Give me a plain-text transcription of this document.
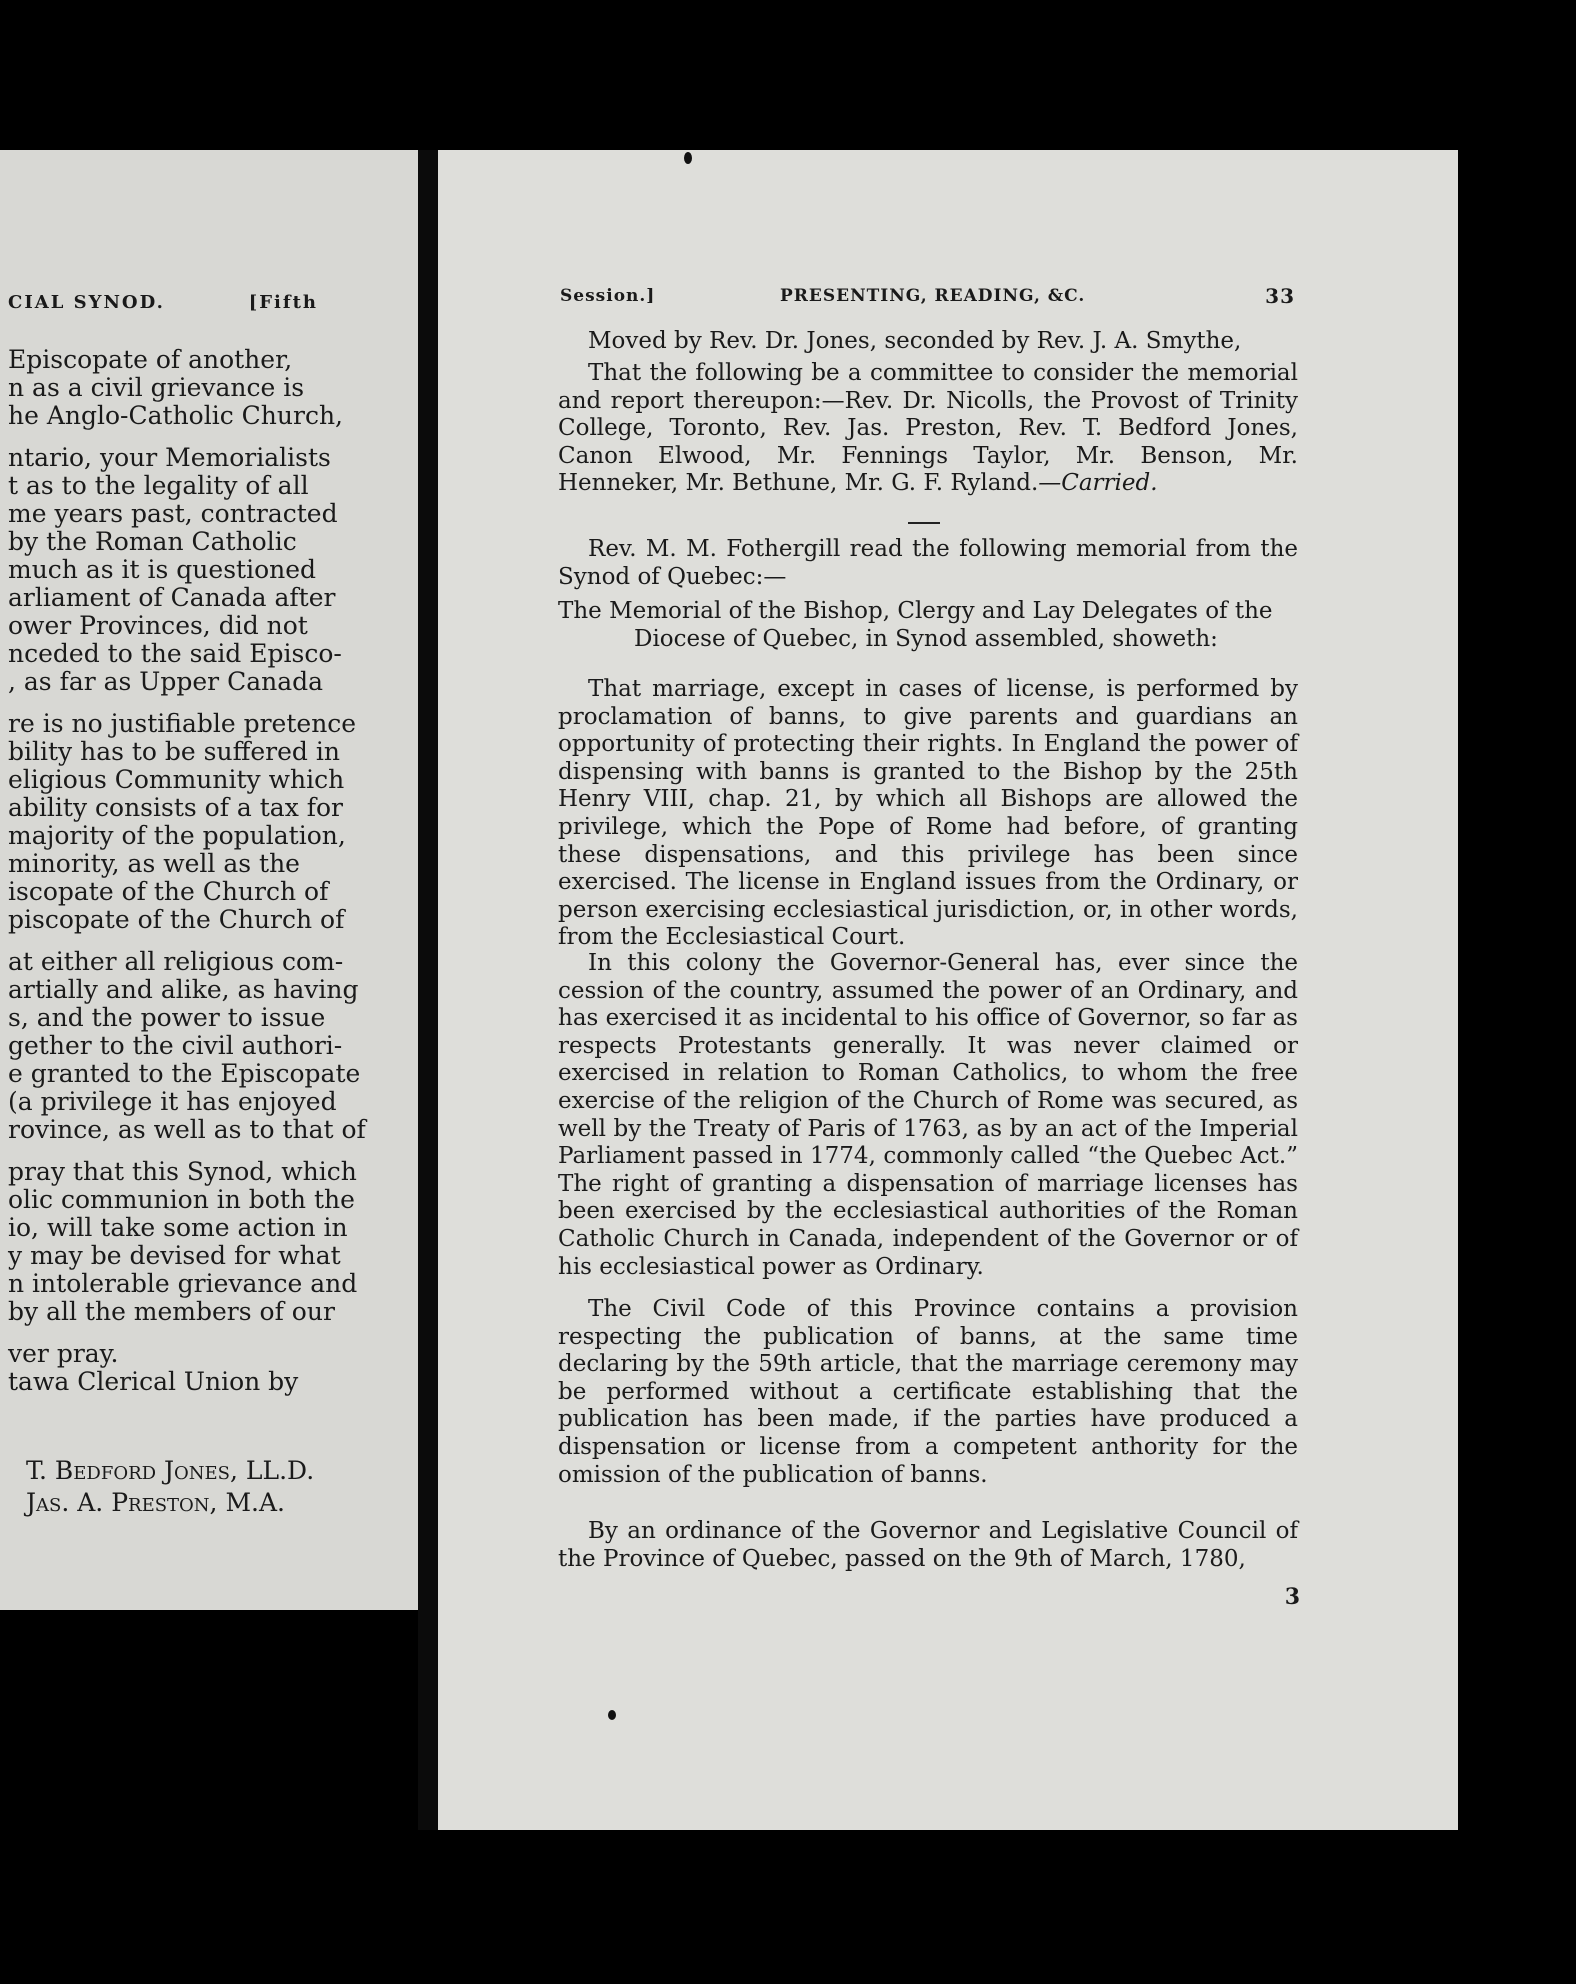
CIAL SYNOD.	[Fifth
Episcopate of another,
n as a civil grievance is
he Anglo-Catholic Church,
ntario, your Memorialists
t as to the legality of all
me years past, contracted
by the Roman Catholic
much as it is questioned
arliament of Canada after
ower Provinces, did not
nceded to the said Episco-
, as far as Upper Canada
re is no justifiable pretence
bility has to be suffered in
eligious Community which
ability consists of a tax for
majority of the population,
minority, as well as the
iscopate of the Church of
piscopate of the Church of
at either all religious com-
artially and alike, as having
s, and the power to issue
gether to the civil authori-
e granted to the Episcopate
(a privilege it has enjoyed
rovince, as well as to that of
pray that this Synod, which
olic communion in both the
io, will take some action in
y may be devised for what
n intolerable grievance and
by all the members of our
ver pray.
tawa Clerical Union by
T. Bedford Jones, LL.D.
Jas. A. Preston, M.A.
Session.]	PRESENTING, READING, &C.	33

Moved by Rev. Dr. Jones, seconded by Rev. J. A. Smythe,

That the following be a committee to consider the memorial and report thereupon:—Rev. Dr. Nicolls, the Provost of Trinity College, Toronto, Rev. Jas. Preston, Rev. T. Bedford Jones, Canon Elwood, Mr. Fennings Taylor, Mr. Benson, Mr. Henneker, Mr. Bethune, Mr. G. F. Ryland.—Carried.

Rev. M. M. Fothergill read the following memorial from the Synod of Quebec:—

The Memorial of the Bishop, Clergy and Lay Delegates of the
Diocese of Quebec, in Synod assembled, showeth:

That marriage, except in cases of license, is performed by proclamation of banns, to give parents and guardians an opportunity of protecting their rights. In England the power of dispensing with banns is granted to the Bishop by the 25th Henry VIII, chap. 21, by which all Bishops are allowed the privilege, which the Pope of Rome had before, of granting these dispensations, and this privilege has been since exercised. The license in England issues from the Ordinary, or person exercising ecclesiastical jurisdiction, or, in other words, from the Ecclesiastical Court.

In this colony the Governor-General has, ever since the cession of the country, assumed the power of an Ordinary, and has exercised it as incidental to his office of Governor, so far as respects Protestants generally. It was never claimed or exercised in relation to Roman Catholics, to whom the free exercise of the religion of the Church of Rome was secured, as well by the Treaty of Paris of 1763, as by an act of the Imperial Parliament passed in 1774, commonly called “the Quebec Act.” The right of granting a dispensation of marriage licenses has been exercised by the ecclesiastical authorities of the Roman Catholic Church in Canada, independent of the Governor or of his ecclesiastical power as Ordinary.

The Civil Code of this Province contains a provision respecting the publication of banns, at the same time declaring by the 59th article, that the marriage ceremony may be performed without a certificate establishing that the publication has been made, if the parties have produced a dispensation or license from a competent anthority for the omission of the publication of banns.

By an ordinance of the Governor and Legislative Council of the Province of Quebec, passed on the 9th of March, 1780,

3
